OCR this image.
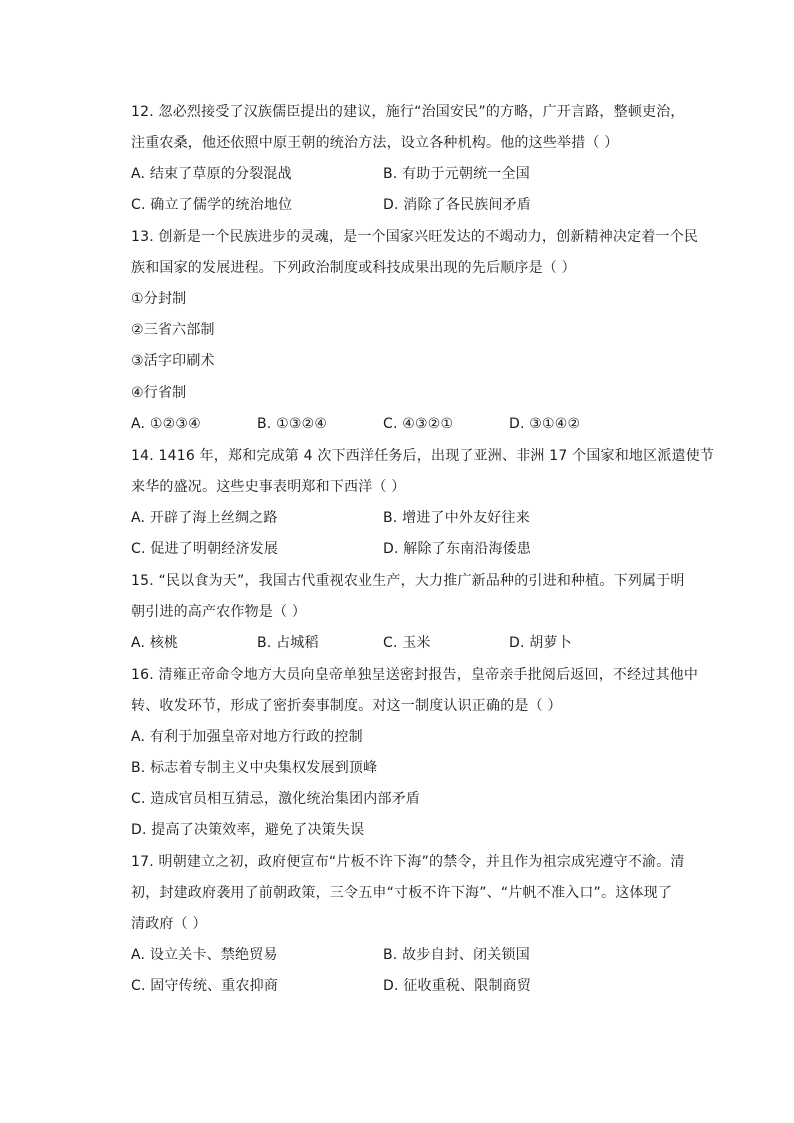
12. 忽必烈接受了汉族儒臣提出的建议，施行“治国安民”的方略，广开言路，整顿吏治，
注重农桑，他还依照中原王朝的统治方法，设立各种机构。他的这些举措（ ）
A. 结束了草原的分裂混战	B. 有助于元朝统一全国
C. 确立了儒学的统治地位	D. 消除了各民族间矛盾
13. 创新是一个民族进步的灵魂，是一个国家兴旺发达的不竭动力，创新精神决定着一个民
族和国家的发展进程。下列政治制度或科技成果出现的先后顺序是（ ）
①分封制
②三省六部制
③活字印刷术
④行省制
A. ①②③④	B. ①③②④	C. ④③②①	D. ③①④②
14. 1416 年，郑和完成第 4 次下西洋任务后，出现了亚洲、非洲 17 个国家和地区派遣使节
来华的盛况。这些史事表明郑和下西洋（ ）
A. 开辟了海上丝绸之路	B. 增进了中外友好往来
C. 促进了明朝经济发展	D. 解除了东南沿海倭患
15. “民以食为天”，我国古代重视农业生产，大力推广新品种的引进和种植。下列属于明
朝引进的高产农作物是（ ）
A. 核桃	B. 占城稻	C. 玉米	D. 胡萝卜
16. 清雍正帝命令地方大员向皇帝单独呈送密封报告，皇帝亲手批阅后返回，不经过其他中
转、收发环节，形成了密折奏事制度。对这一制度认识正确的是（ ）
A. 有利于加强皇帝对地方行政的控制
B. 标志着专制主义中央集权发展到顶峰
C. 造成官员相互猜忌，激化统治集团内部矛盾
D. 提高了决策效率，避免了决策失误
17. 明朝建立之初，政府便宣布“片板不许下海”的禁令，并且作为祖宗成宪遵守不渝。清
初，封建政府袭用了前朝政策，三令五申“寸板不许下海”、“片帆不准入口”。这体现了
清政府（ ）
A. 设立关卡、禁绝贸易	B. 故步自封、闭关锁国
C. 固守传统、重农抑商	D. 征收重税、限制商贸
